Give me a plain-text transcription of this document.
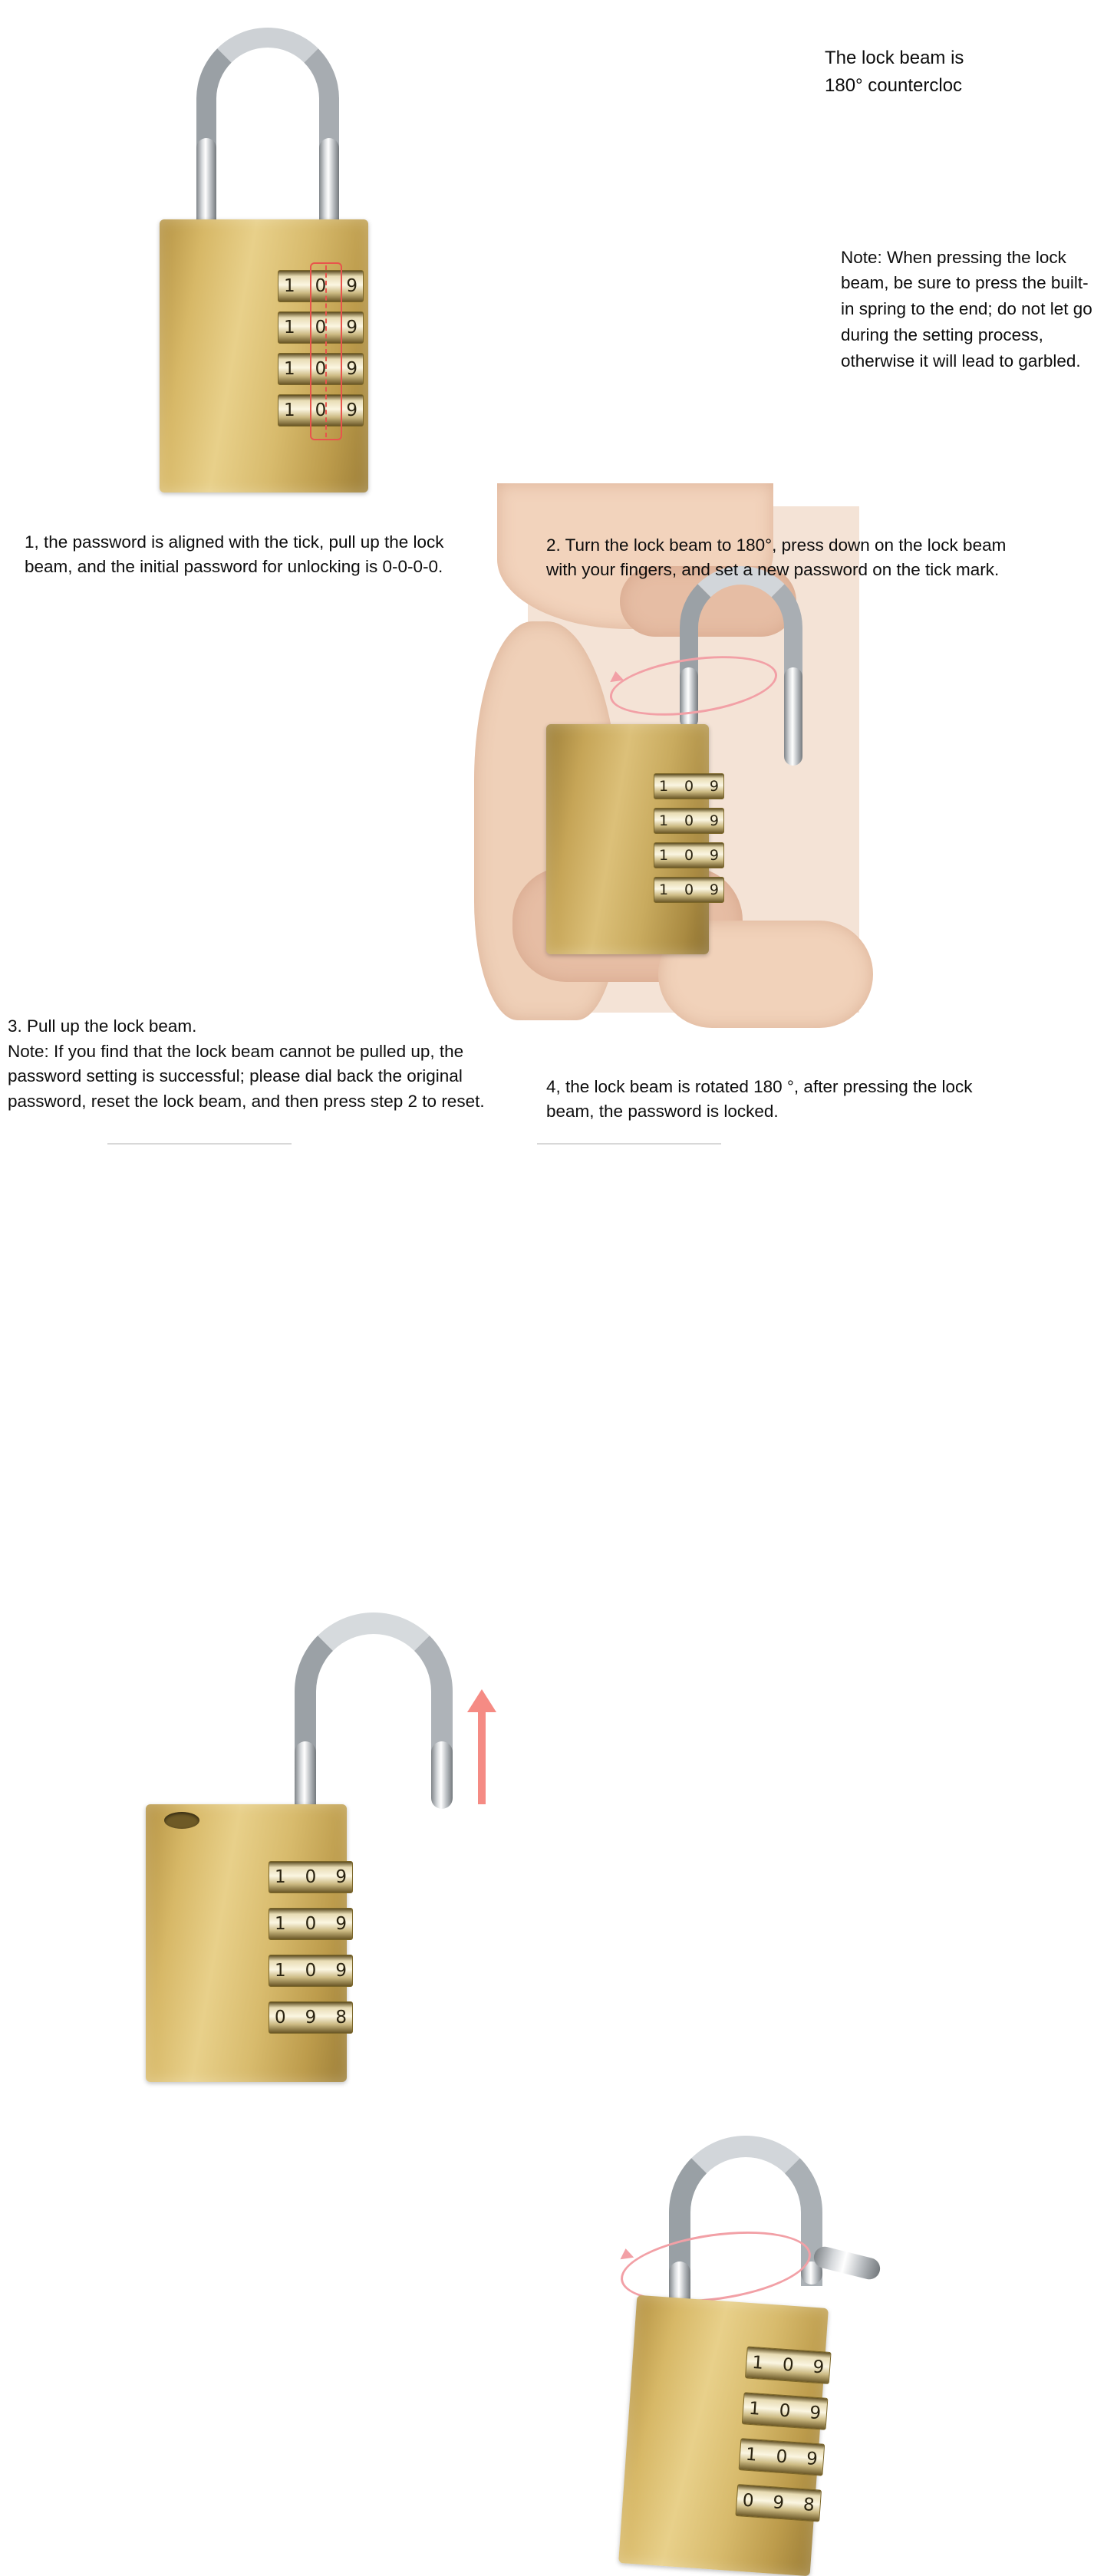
1 0 9
1 0 9
1 0 9
1 0 9

1, the password is aligned with the tick, pull up the lock beam, and the initial password for unlocking is 0-0-0-0.

1 0 9
1 0 9
1 0 9
1 0 9
The lock beam is
180° countercloc

Note: When pressing the lock beam, be sure to press the built-in spring to the end; do not let go during the setting process, otherwise it will lead to garbled.

2. Turn the lock beam to 180°, press down on the lock beam with your fingers, and set a new password on the tick mark.

1 0 9
1 0 9
1 0 9
0 9 8
3. Pull up the lock beam.
Note: If you find that the lock beam cannot be pulled up, the password setting is successful; please dial back the original password, reset the lock beam, and then press step 2 to reset.
1 0 9
1 0 9
1 0 9
0 9 8

4, the lock beam is rotated 180 °, after pressing the lock beam, the password is locked.
